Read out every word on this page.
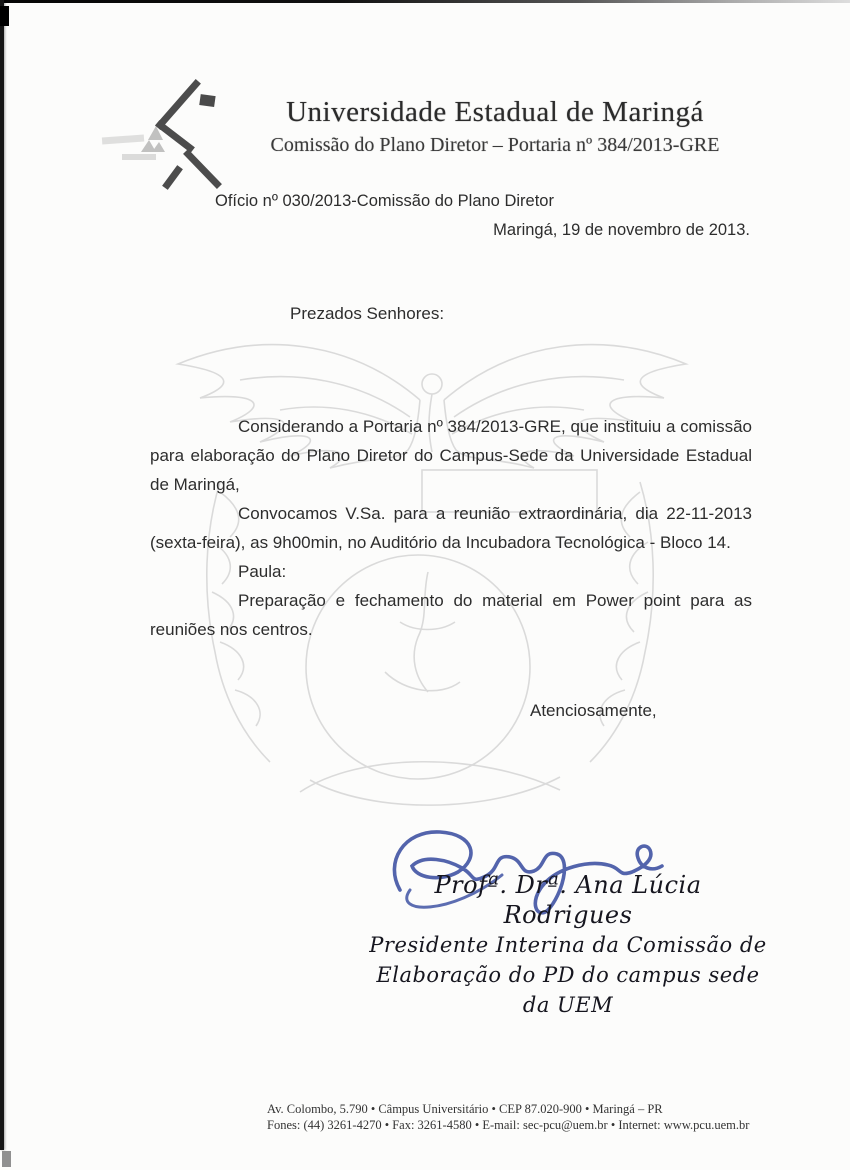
Universidade Estadual de Maringá
Comissão do Plano Diretor – Portaria nº 384/2013-GRE
Ofício nº 030/2013-Comissão do Plano Diretor
Maringá, 19 de novembro de 2013.
Prezados Senhores:

Considerando a Portaria nº 384/2013-GRE, que instituiu a comissão para elaboração do Plano Diretor do Campus-Sede da Universidade Estadual de Maringá,

Convocamos V.Sa. para a reunião extraordinária, dia 22-11-2013 (sexta-feira), as 9h00min, no Auditório da Incubadora Tecnológica - Bloco 14.

Paula:

Preparação e fechamento do material em Power point para as reuniões nos centros.

Atenciosamente,

Profª. Drª. Ana Lúcia Rodrigues

Presidente Interina da Comissão de

Elaboração do PD do campus sede da UEM

Av. Colombo, 5.790 • Câmpus Universitário • CEP 87.020-900 • Maringá – PR
Fones: (44) 3261-4270 • Fax: 3261-4580 • E-mail: sec-pcu@uem.br • Internet: www.pcu.uem.br
